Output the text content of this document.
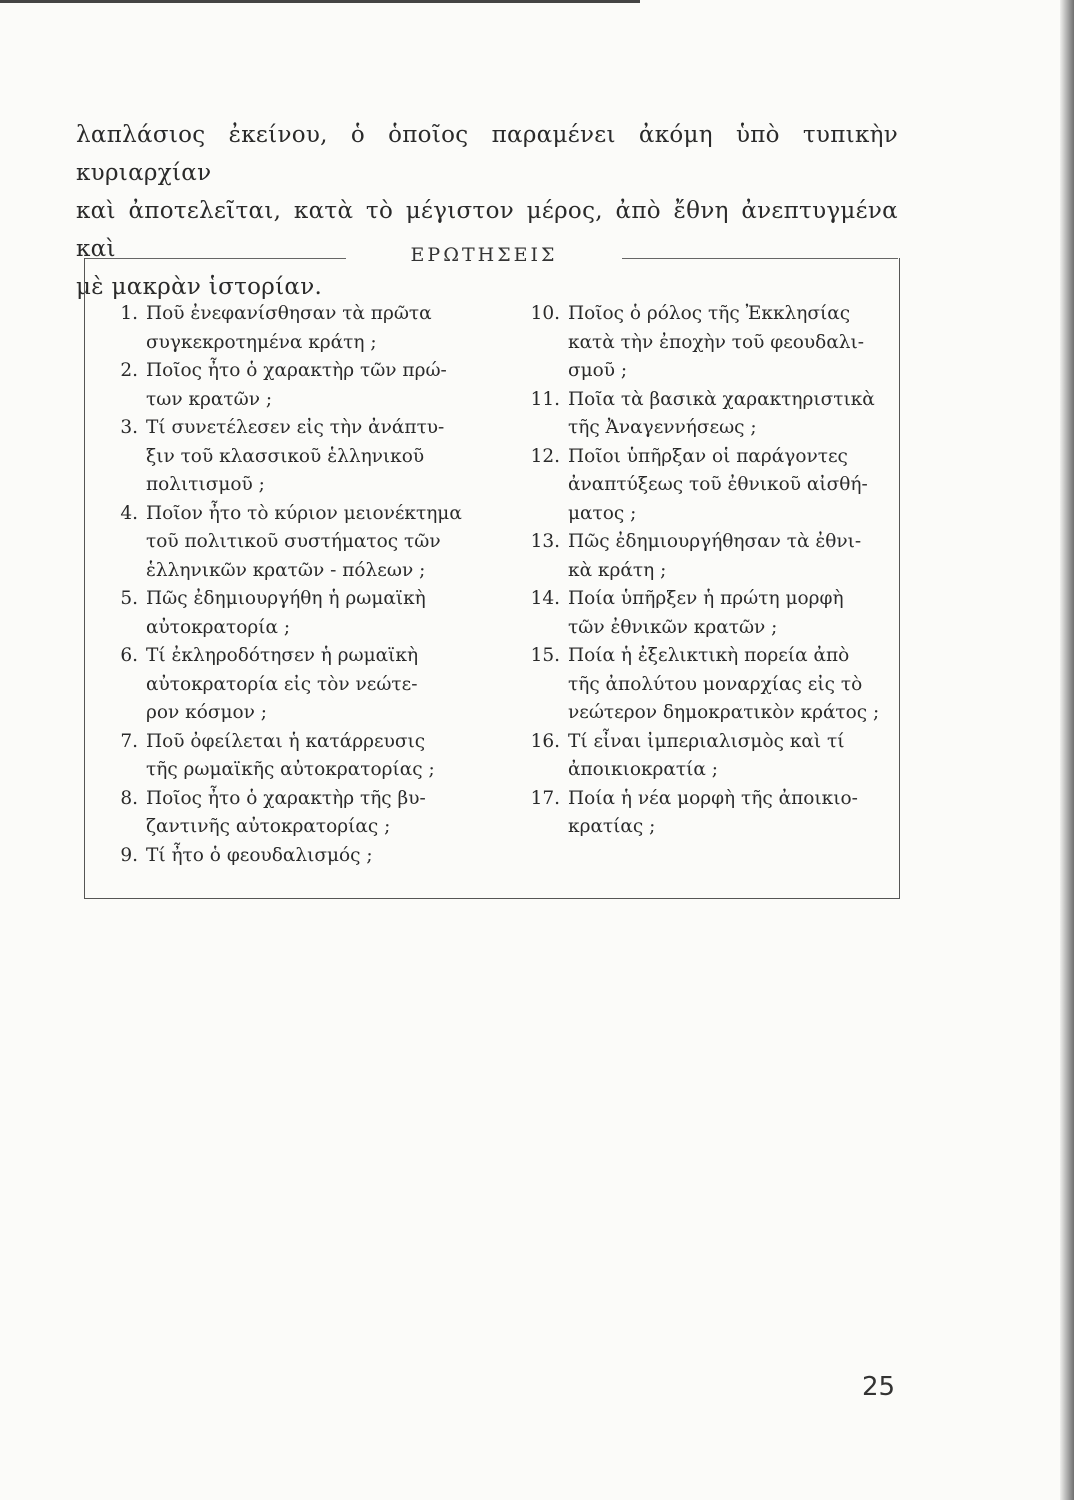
λαπλάσιος ἐκείνου, ὁ ὁποῖος παραμένει ἀκόμη ὑπὸ τυπικὴν κυριαρχίαν
καὶ ἀποτελεῖται, κατὰ τὸ μέγιστον μέρος, ἀπὸ ἔθνη ἀνεπτυγμένα καὶ
μὲ μακρὰν ἱστορίαν.
ΕΡΩΤΗΣΕΙΣ
1. Ποῦ ἐνεφανίσθησαν τὰ πρῶτα
συγκεκροτημένα κράτη ;
2. Ποῖος ἦτο ὁ χαρακτὴρ τῶν πρώ-
των κρατῶν ;
3. Τί συνετέλεσεν εἰς τὴν ἀνάπτυ-
ξιν τοῦ κλασσικοῦ ἑλληνικοῦ
πολιτισμοῦ ;
4. Ποῖον ἦτο τὸ κύριον μειονέκτημα
τοῦ πολιτικοῦ συστήματος τῶν
ἑλληνικῶν κρατῶν - πόλεων ;
5. Πῶς ἐδημιουργήθη ἡ ρωμαϊκὴ
αὐτοκρατορία ;
6. Τί ἐκληροδότησεν ἡ ρωμαϊκὴ
αὐτοκρατορία εἰς τὸν νεώτε-
ρον κόσμον ;
7. Ποῦ ὀφείλεται ἡ κατάρρευσις
τῆς ρωμαϊκῆς αὐτοκρατορίας ;
8. Ποῖος ἦτο ὁ χαρακτὴρ τῆς βυ-
ζαντινῆς αὐτοκρατορίας ;
9. Τί ἦτο ὁ φεουδαλισμός ;
10. Ποῖος ὁ ρόλος τῆς Ἐκκλησίας
κατὰ τὴν ἐποχὴν τοῦ φεουδαλι-
σμοῦ ;
11. Ποῖα τὰ βασικὰ χαρακτηριστικὰ
τῆς Ἀναγεννήσεως ;
12. Ποῖοι ὑπῆρξαν οἱ παράγοντες
ἀναπτύξεως τοῦ ἐθνικοῦ αἰσθή-
ματος ;
13. Πῶς ἐδημιουργήθησαν τὰ ἐθνι-
κὰ κράτη ;
14. Ποία ὑπῆρξεν ἡ πρώτη μορφὴ
τῶν ἐθνικῶν κρατῶν ;
15. Ποία ἡ ἐξελικτικὴ πορεία ἀπὸ
τῆς ἀπολύτου μοναρχίας εἰς τὸ
νεώτερον δημοκρατικὸν κράτος ;
16. Τί εἶναι ἰμπεριαλισμὸς καὶ τί
ἀποικιοκρατία ;
17. Ποία ἡ νέα μορφὴ τῆς ἀποικιο-
κρατίας ;
25
